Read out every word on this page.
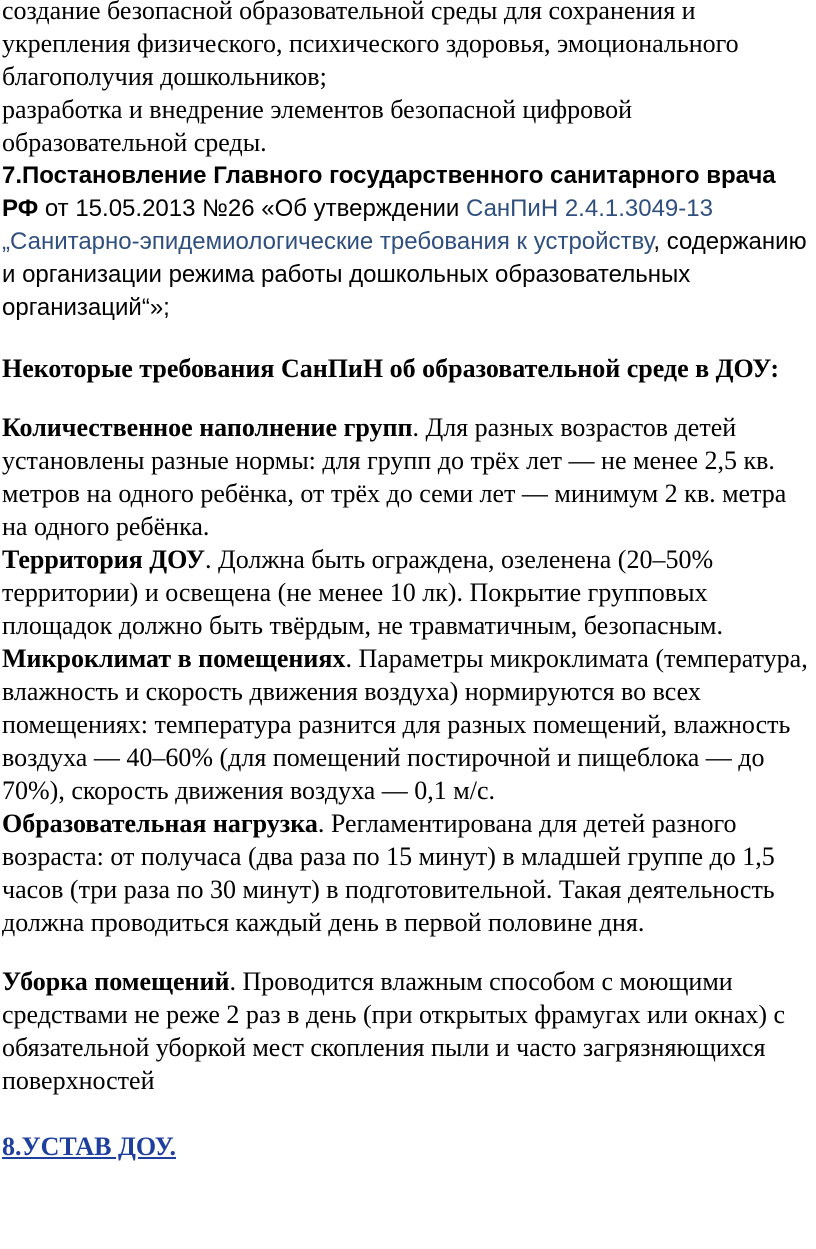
создание безопасной образовательной среды для сохранения и укрепления физического, психического здоровья, эмоционального благополучия дошкольников;

разработка и внедрение элементов безопасной цифровой образовательной среды.

7.Постановление Главного государственного санитарного врача РФ от 15.05.2013 №26 «Об утверждении СанПиН 2.4.1.3049-13 „Санитарно-эпидемиологические требования к устройству, содержанию и организации режима работы дошкольных образовательных
организаций“»;

Некоторые требования СанПиН об образовательной среде в ДОУ:

Количественное наполнение групп. Для разных возрастов детей установлены разные нормы: для групп до трёх лет — не менее 2,5 кв. метров на одного ребёнка, от трёх до семи лет — минимум 2 кв. метра на одного ребёнка.

Территория ДОУ. Должна быть ограждена, озеленена (20–50% территории) и освещена (не менее 10 лк). Покрытие групповых площадок должно быть твёрдым, не травматичным, безопасным.

Микроклимат в помещениях. Параметры микроклимата (температура, влажность и скорость движения воздуха) нормируются во всех помещениях: температура разнится для разных помещений, влажность воздуха — 40–60% (для помещений постирочной и пищеблока — до 70%), скорость движения воздуха — 0,1 м/с.

Образовательная нагрузка. Регламентирована для детей разного возраста: от получаса (два раза по 15 минут) в младшей группе до 1,5 часов (три раза по 30 минут) в подготовительной. Такая деятельность должна проводиться каждый день в первой половине дня.

Уборка помещений. Проводится влажным способом с моющими средствами не реже 2 раз в день (при открытых фрамугах или окнах) с обязательной уборкой мест скопления пыли и часто загрязняющихся поверхностей

8.УСТАВ ДОУ.
